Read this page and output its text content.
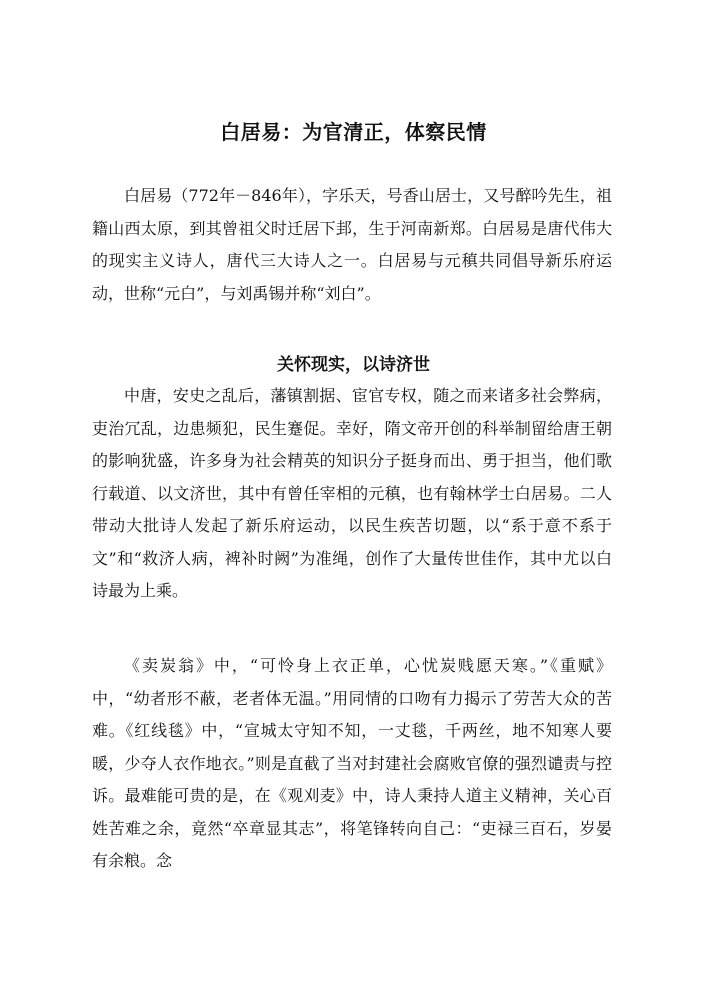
白居易：为官清正，体察民情

白居易（772年－846年），字乐天，号香山居士，又号醉吟先生，祖籍山西太原，到其曾祖父时迁居下邽，生于河南新郑。白居易是唐代伟大的现实主义诗人，唐代三大诗人之一。白居易与元稹共同倡导新乐府运动，世称“元白”，与刘禹锡并称“刘白”。

关怀现实，以诗济世

中唐，安史之乱后，藩镇割据、宦官专权，随之而来诸多社会弊病，吏治冗乱，边患频犯，民生蹇促。幸好，隋文帝开创的科举制留给唐王朝的影响犹盛，许多身为社会精英的知识分子挺身而出、勇于担当，他们歌行载道、以文济世，其中有曾任宰相的元稹，也有翰林学士白居易。二人带动大批诗人发起了新乐府运动，以民生疾苦切题，以“系于意不系于文”和“救济人病，裨补时阙”为准绳，创作了大量传世佳作，其中尤以白诗最为上乘。

《卖炭翁》中，“可怜身上衣正单，心忧炭贱愿天寒。”《重赋》中，“幼者形不蔽，老者体无温。”用同情的口吻有力揭示了劳苦大众的苦难。《红线毯》中，“宣城太守知不知，一丈毯，千两丝，地不知寒人要暖，少夺人衣作地衣。”则是直截了当对封建社会腐败官僚的强烈谴责与控诉。最难能可贵的是，在《观刈麦》中，诗人秉持人道主义精神，关心百姓苦难之余，竟然“卒章显其志”，将笔锋转向自己：“吏禄三百石，岁晏有余粮。念
